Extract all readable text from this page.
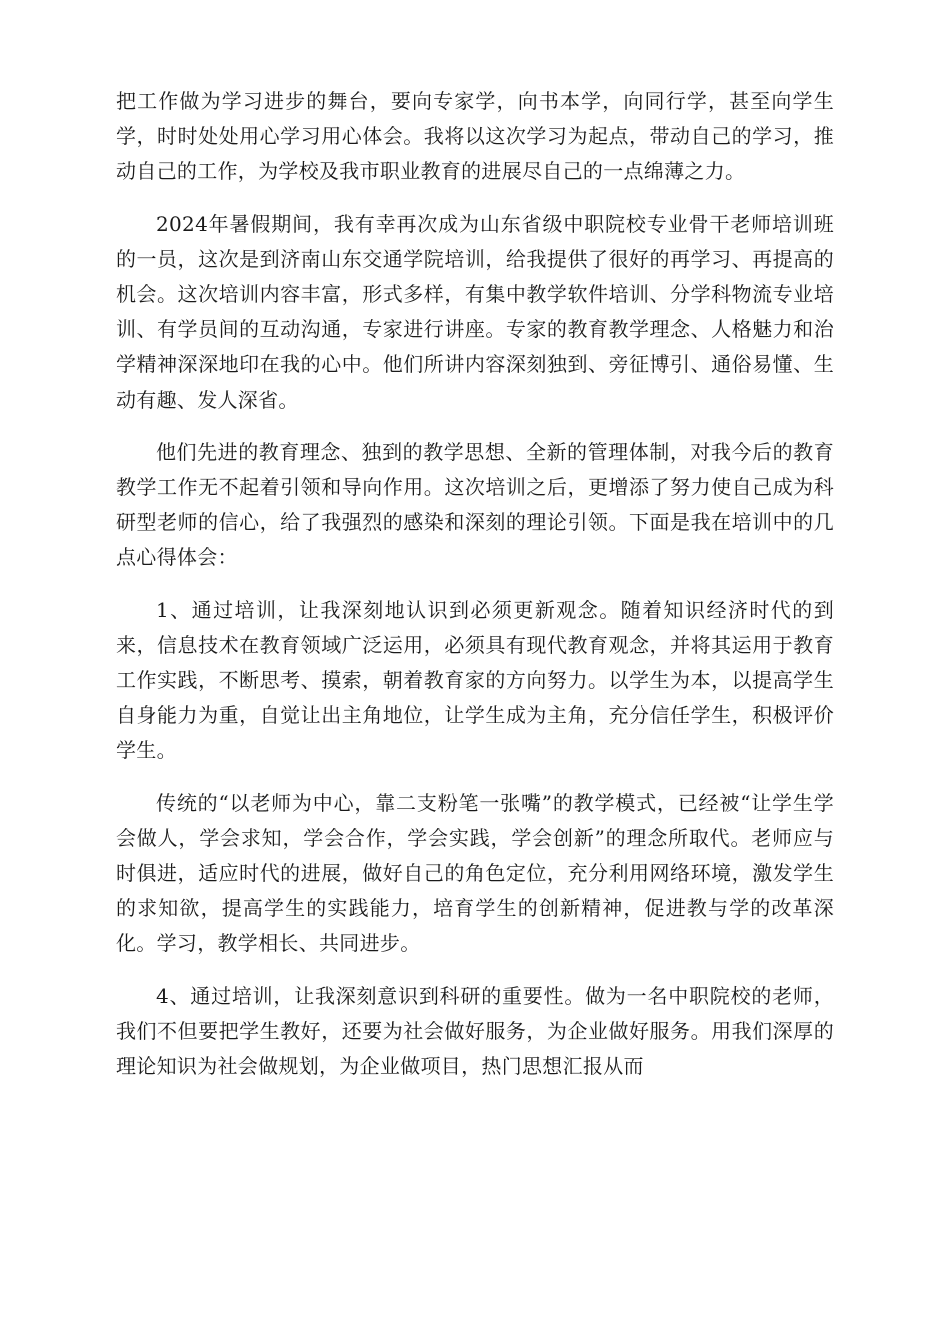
把工作做为学习进步的舞台，要向专家学，向书本学，向同行学，甚至向学生学，时时处处用心学习用心体会。我将以这次学习为起点，带动自己的学习，推动自己的工作，为学校及我市职业教育的进展尽自己的一点绵薄之力。

2024年暑假期间，我有幸再次成为山东省级中职院校专业骨干老师培训班的一员，这次是到济南山东交通学院培训，给我提供了很好的再学习、再提高的机会。这次培训内容丰富，形式多样，有集中教学软件培训、分学科物流专业培训、有学员间的互动沟通，专家进行讲座。专家的教育教学理念、人格魅力和治学精神深深地印在我的心中。他们所讲内容深刻独到、旁征博引、通俗易懂、生动有趣、发人深省。

他们先进的教育理念、独到的教学思想、全新的管理体制，对我今后的教育教学工作无不起着引领和导向作用。这次培训之后，更增添了努力使自己成为科研型老师的信心，给了我强烈的感染和深刻的理论引领。下面是我在培训中的几点心得体会：

1、通过培训，让我深刻地认识到必须更新观念。随着知识经济时代的到来，信息技术在教育领域广泛运用，必须具有现代教育观念，并将其运用于教育工作实践，不断思考、摸索，朝着教育家的方向努力。以学生为本，以提高学生自身能力为重，自觉让出主角地位，让学生成为主角，充分信任学生，积极评价学生。

传统的“以老师为中心，靠二支粉笔一张嘴”的教学模式，已经被“让学生学会做人，学会求知，学会合作，学会实践，学会创新”的理念所取代。老师应与时俱进，适应时代的进展，做好自己的角色定位，充分利用网络环境，激发学生的求知欲，提高学生的实践能力，培育学生的创新精神，促进教与学的改革深化。学习，教学相长、共同进步。

4、通过培训，让我深刻意识到科研的重要性。做为一名中职院校的老师，我们不但要把学生教好，还要为社会做好服务，为企业做好服务。用我们深厚的理论知识为社会做规划，为企业做项目，热门思想汇报从而
